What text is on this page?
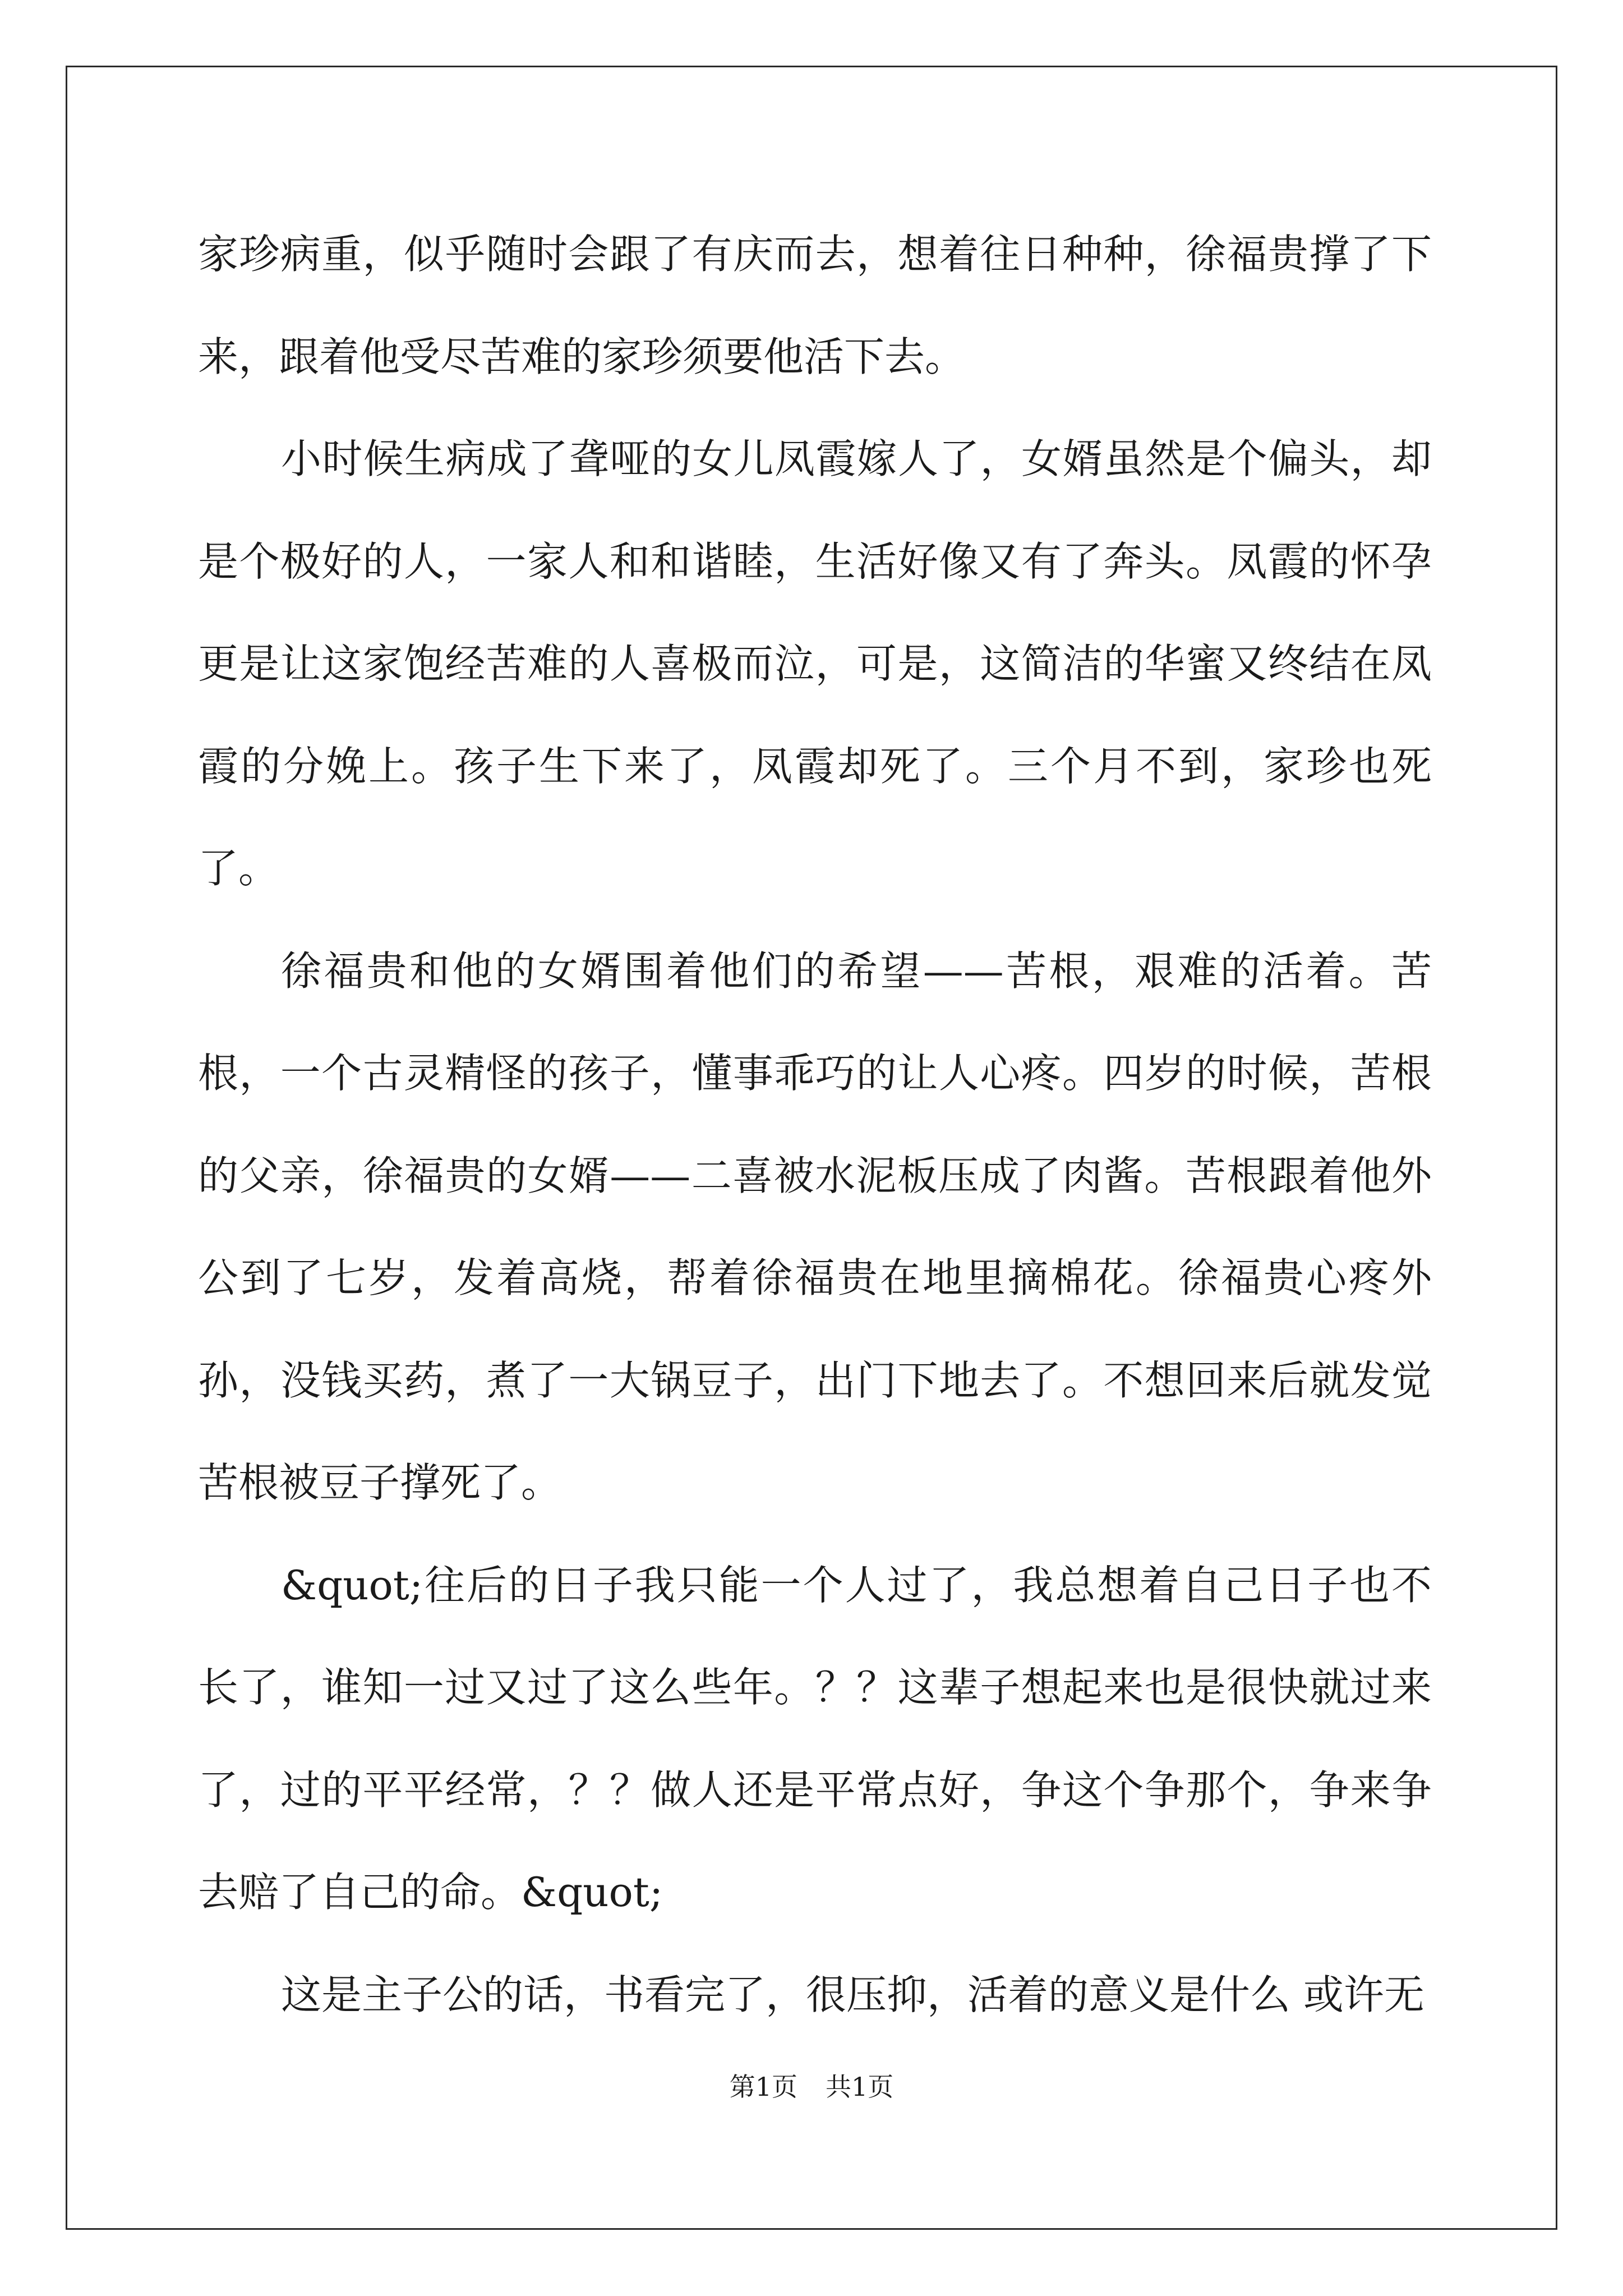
家珍病重，似乎随时会跟了有庆而去，想着往日种种，徐福贵撑了下来，跟着他受尽苦难的家珍须要他活下去。

小时候生病成了聋哑的女儿凤霞嫁人了，女婿虽然是个偏头，却是个极好的人，一家人和和谐睦，生活好像又有了奔头。凤霞的怀孕更是让这家饱经苦难的人喜极而泣，可是，这简洁的华蜜又终结在凤霞的分娩上。孩子生下来了，凤霞却死了。三个月不到，家珍也死了。

徐福贵和他的女婿围着他们的希望——苦根，艰难的活着。苦根，一个古灵精怪的孩子，懂事乖巧的让人心疼。四岁的时候，苦根的父亲，徐福贵的女婿——二喜被水泥板压成了肉酱。苦根跟着他外公到了七岁，发着高烧，帮着徐福贵在地里摘棉花。徐福贵心疼外孙，没钱买药，煮了一大锅豆子，出门下地去了。不想回来后就发觉苦根被豆子撑死了。

&quot;往后的日子我只能一个人过了，我总想着自己日子也不长了，谁知一过又过了这么些年。？？这辈子想起来也是很快就过来了，过的平平经常，？？做人还是平常点好，争这个争那个，争来争去赔了自己的命。&quot;

这是主子公的话，书看完了，很压抑，活着的意义是什么 或许无

第1页 共1页
